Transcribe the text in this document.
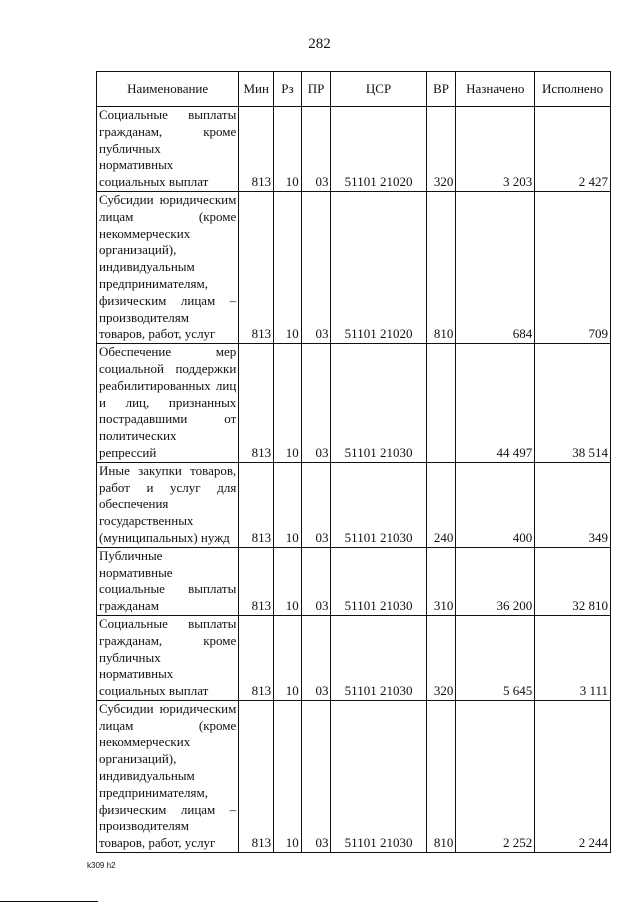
282
Наименование	Мин	Рз	ПР	ЦСР	ВР	Назначено	Исполнено
Социальные выплаты гражданам, кроме публичных нормативных социальных выплат	813	10	03	51101 21020	320	3 203	2 427
Субсидии юридическим лицам (кроме некоммерческих организаций), индивидуальным предпринимателям, физическим лицам – производителям товаров, работ, услуг	813	10	03	51101 21020	810	684	709
Обеспечение мер социальной поддержки реабилитированных лиц и лиц, признанных пострадавшими от политических репрессий	813	10	03	51101 21030		44 497	38 514
Иные закупки товаров, работ и услуг для обеспечения государственных (муниципальных) нужд	813	10	03	51101 21030	240	400	349
Публичные нормативные социальные выплаты гражданам	813	10	03	51101 21030	310	36 200	32 810
Социальные выплаты гражданам, кроме публичных нормативных социальных выплат	813	10	03	51101 21030	320	5 645	3 111
Субсидии юридическим лицам (кроме некоммерческих организаций), индивидуальным предпринимателям, физическим лицам – производителям товаров, работ, услуг	813	10	03	51101 21030	810	2 252	2 244
k309 h2
